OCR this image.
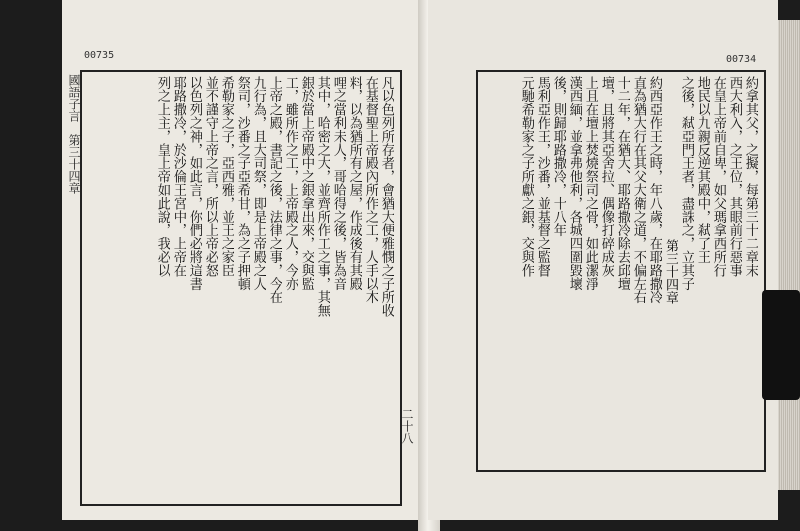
00735
國語子言　第三十四章
二十八
凡以色列所存者，會猶大便雅憫之子所收
在基督聖上帝殿內所作之工，人手以木
料，以為猶所有之屋，作成後有其殿
哩之當利未人，哥哈得之後，皆為音
其中，哈密之大，並齊所作工之事，其無
銀於當上帝殿中之銀拿出來，交與監
工，雖所作之工，上帝殿之人，今亦
上帝之殿，書記之後，法律之事，今在
九行為，且大司祭，即是上帝殿之人
祭司，沙番之子亞希甘，為之子押頓
希勒家之子，亞西雅，並王之家臣
並不謹守上帝之言，所以上帝必怒
以色列之神，如此言，你們必將這書
耶路撒冷，於沙倫王宮中，上帝在
列之上主，皇上帝如此說，我必以
00734
約拿其父，之擬，每第三十二章末
西大利入，之王位，其眼前行惡事
在皇上帝前自卑，如父瑪拿西所行
地民以九親反逆其殿中，弒了王
之後，弒亞門王者，盡誅之，立其子
第三十四章
約西亞作王之時，年八歲，在耶路撒冷
直為猶大行在其父大衛之道，不偏左右
十二年，在猶大、耶路撒冷除去邱壇
壇，且將其亞舍拉、偶像打碎成灰
上且在壇上焚燒祭司之骨，如此潔淨
漢西緬，並拿弗他利，各城四圍毀壞
後，則歸耶路撒冷，十八年
馬利亞作王，沙番，並基督之監督
元馳希勒家之子所獻之銀，交與作
